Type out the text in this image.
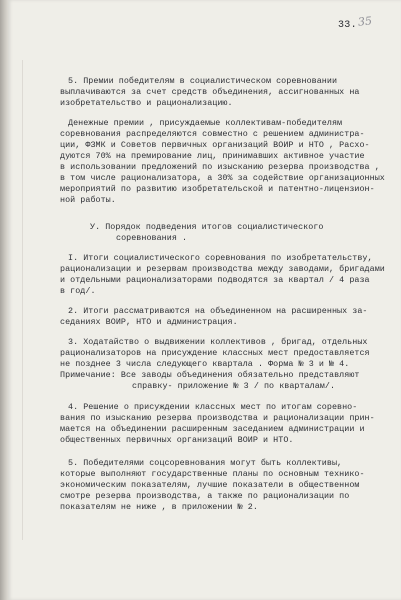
33. 35
5. Премии победителям в социалистическом соревновании
выплачиваются за счет средств объединения, ассигнованных на
изобретательство и рационализацию.
Денежные премии , присуждаемые коллективам-победителям
соревнования распределяются совместно с решением администра-
ции, ФЗМК и Советов первичных организаций ВОИР и НТО , Расхо-
дуются 70% на премирование лиц, принимавших активное участие
в использовании предложений по изысканию резерва производства ,
в том числе рационализатора, а 30% за содействие организационных
мероприятий по развитию изобретательской и патентно-лицензион-
ной работы.
У. Порядок подведения итогов социалистического
соревнования .
I. Итоги социалистического соревнования по изобретательству,
рационализации и резервам производства между заводами, бригадами
и отдельными рационализаторами подводятся за квартал / 4 раза
в год/.
2. Итоги рассматриваются на объединенном на расширенных за-
седаниях ВОИР, НТО и администрация.
3. Ходатайство о выдвижении коллективов , бригад, отдельных
рационализаторов на присуждение классных мест предоставляется
не позднее 3 числа следующего квартала . Форма № 3 и № 4.
Примечание: Все заводы объединения обязательно представляют
справку- приложение № 3 / по кварталам/.
4. Решение о присуждении классных мест по итогам соревно-
вания по изысканию резерва производства и рационализации прин-
мается на объединении расширенным заседанием администрации и
общественных первичных организаций ВОИР и НТО.
5. Победителями соцсоревнования могут быть коллективы,
которые выполняют государственные планы по основным технико-
экономическим показателям, лучшие показатели в общественном
смотре резерва производства, а также по рационализации по
показателям не ниже , в приложении № 2.
